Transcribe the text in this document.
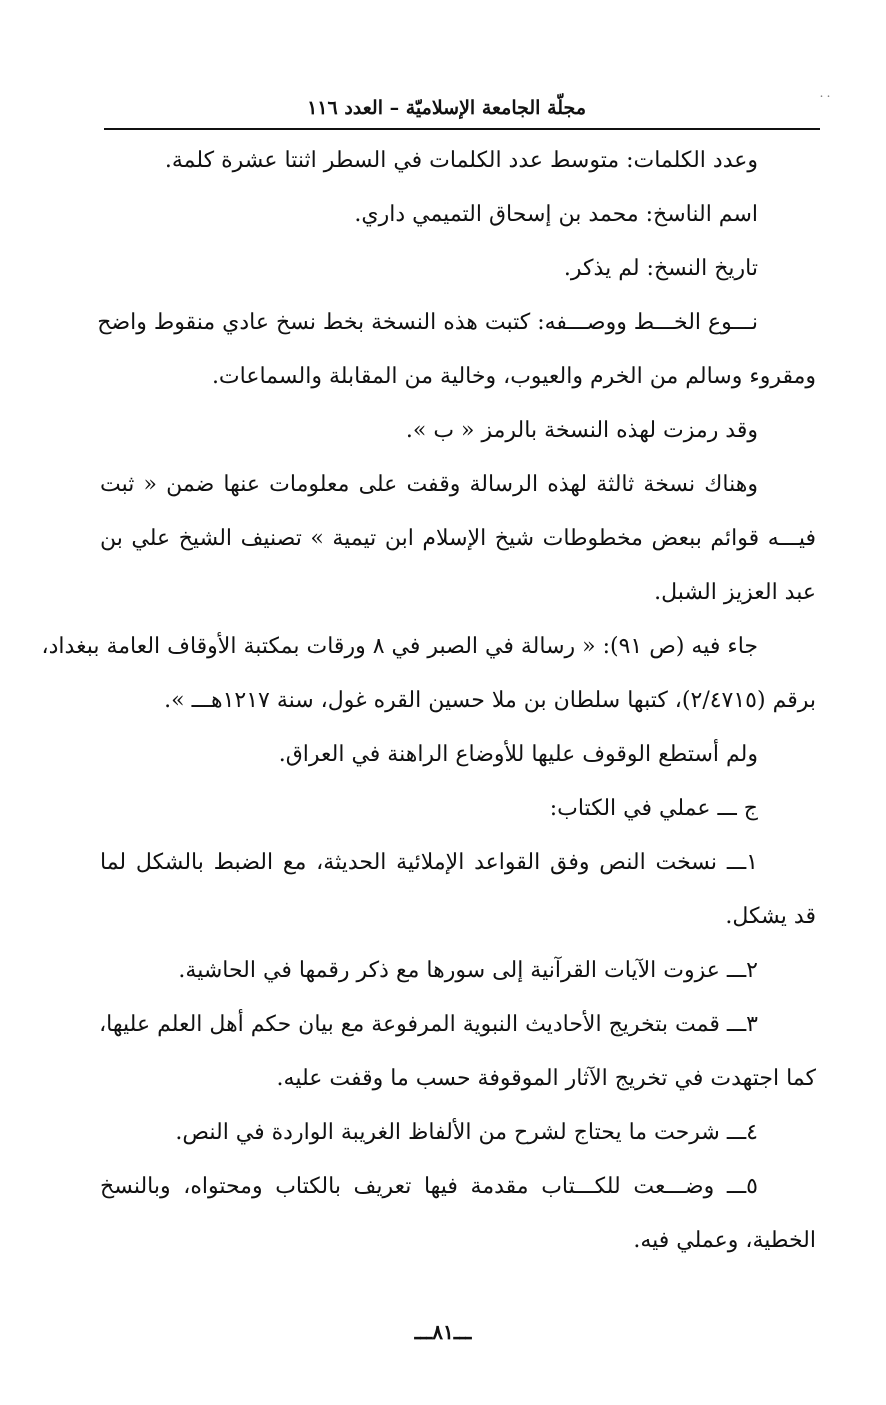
˙˙
مجلّة الجامعة الإسلاميّة – العدد ١١٦
وعدد الكلمات: متوسط عدد الكلمات في السطر اثنتا عشرة كلمة.
اسم الناسخ: محمد بن إسحاق التميمي داري.
تاريخ النسخ: لم يذكر.
نـــوع الخـــط ووصـــفه: كتبت هذه النسخة بخط نسخ عادي منقوط واضح
ومقروء وسالم من الخرم والعيوب، وخالية من المقابلة والسماعات.
وقد رمزت لهذه النسخة بالرمز « ب ».
وهناك نسخة ثالثة لهذه الرسالة وقفت على معلومات عنها ضمن « ثبت
فيـــه قوائم ببعض مخطوطات شيخ الإسلام ابن تيمية » تصنيف الشيخ علي بن
عبد العزيز الشبل.
جاء فيه (ص ٩١): « رسالة في الصبر في ٨ ورقات بمكتبة الأوقاف العامة ببغداد،
برقم (٢/٤٧١٥)، كتبها سلطان بن ملا حسين القره غول، سنة ١٢١٧هـــ ».
ولم أستطع الوقوف عليها للأوضاع الراهنة في العراق.
ج ـــ عملي في الكتاب:
١ـــ نسخت النص وفق القواعد الإملائية الحديثة، مع الضبط بالشكل لما
قد يشكل.
٢ـــ عزوت الآيات القرآنية إلى سورها مع ذكر رقمها في الحاشية.
٣ـــ قمت بتخريج الأحاديث النبوية المرفوعة مع بيان حكم أهل العلم عليها،
كما اجتهدت في تخريج الآثار الموقوفة حسب ما وقفت عليه.
٤ـــ شرحت ما يحتاج لشرح من الألفاظ الغريبة الواردة في النص.
٥ـــ وضـــعت للكـــتاب مقدمة فيها تعريف بالكتاب ومحتواه، وبالنسخ
الخطية، وعملي فيه.
ـــ٨١ـــ
